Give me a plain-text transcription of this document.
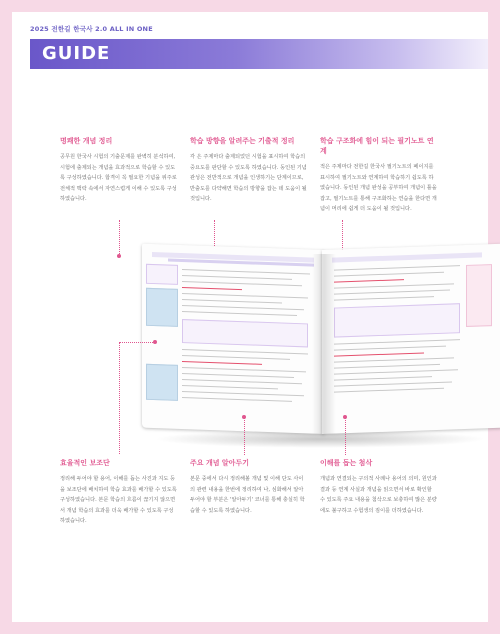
2025 전한길 한국사 2.0 ALL IN ONE
GUIDE
명쾌한 개념 정리

공무원 한국사 시험의 기출문제를 완벽히 분석하여, 시험에 출제되는 개념을 효과적으로 학습할 수 있도록 구성하였습니다. 합격이 꼭 필요한 기념을 위주로 전체적 맥락 속에서 자연스럽게 이해 수 있도록 구성하였습니다.

학습 방향을 알려주는 기출적 정리

각 은 주제마다 출제되었던 시험을 표시하여 학습의 중요도를 판단할 수 있도록 하였습니다. 동인된 기념관성은 전반적으로 개념을 인생하기는 단계이므로, 반출도를 다약해면 학습의 방향을 잡는 데 도움이 될 것입니다.

학습 구조화에 힘이 되는 필기노트 연계

적은 주제마다 전한길 한국사 필기노트의 페이지를 표시하여 필기노트와 연계하여 학습하기 쉽도록 하였습니다. 동인된 개념 완성을 공부하여 개념이 틀을 잡고, 필기노트를 통해 구조화하는 연습을 한다면 개념이 머리에 쉽게 더 도움이 될 것입니다.

효율적인 보조단

정리해 두어야 할 용어, 이해를 돕는 사진과 지도 등을 보조단에 배치하여 학습 효과를 배가할 수 있도록 구성하였습니다. 본문 학습의 흐름이 끊기지 않으면서 개념 학습의 효과를 더욱 배가할 수 있도록 구성하였습니다.

주요 개념 알아두기

본문 중에서 다시 정리해볼 개념 및 이해 단도 사이의 관련 내용을 한번에 정리하여 나, 심화해서 알아두어야 할 부분은 '알아두기' 코너를 통해 충실히 학습할 수 있도록 하였습니다.

이해를 돕는 첨삭

개념과 연결되는 구의적 사례나 용어의 의미, 원인과 결과 등 연계 사실과 개념을 읽으면서 바로 확인할 수 있도록 주요 내용을 첨삭으로 보충하여 많은 분량에도 불구하고 수험생의 짐이를 더하였습니다.
